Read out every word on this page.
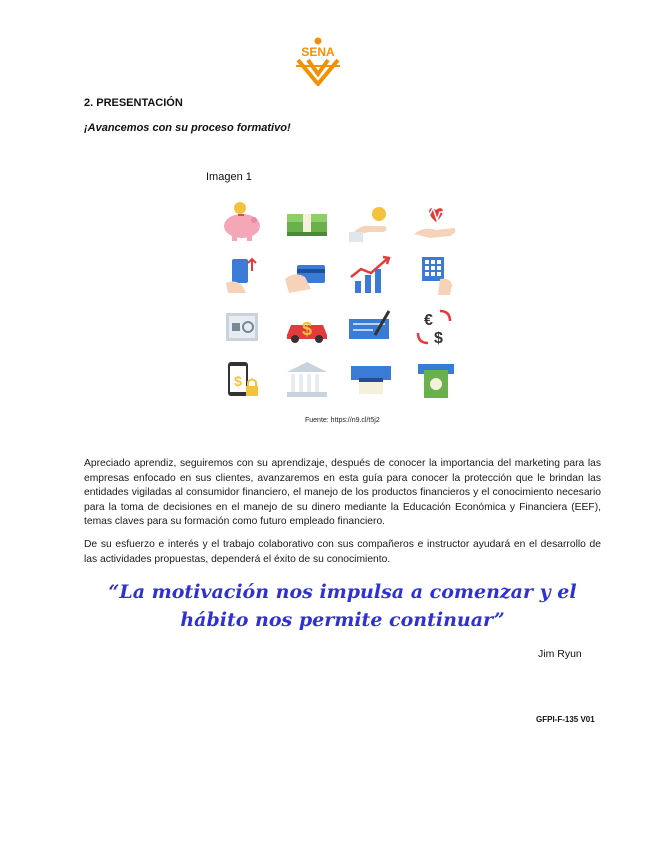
SENA
2. PRESENTACIÓN
¡Avancemos con su proceso formativo!
Imagen 1
$	€
$
$
Fuente: https://n9.cl/t5j2

Apreciado aprendiz, seguiremos con su aprendizaje, después de conocer la importancia del marketing para las empresas enfocado en sus clientes, avanzaremos en esta guía para conocer la protección que le brindan las entidades vigiladas al consumidor financiero, el manejo de los productos financieros y el conocimiento necesario para la toma de decisiones en el manejo de su dinero mediante la Educación Económica y Financiera (EEF), temas claves para su formación como futuro empleado financiero.

De su esfuerzo e interés y el trabajo colaborativo con sus compañeros e instructor ayudará en el desarrollo de las actividades propuestas, dependerá el éxito de su conocimiento.

“La motivación nos impulsa a comenzar y el hábito nos permite continuar”

Jim Ryun
GFPI-F-135 V01
